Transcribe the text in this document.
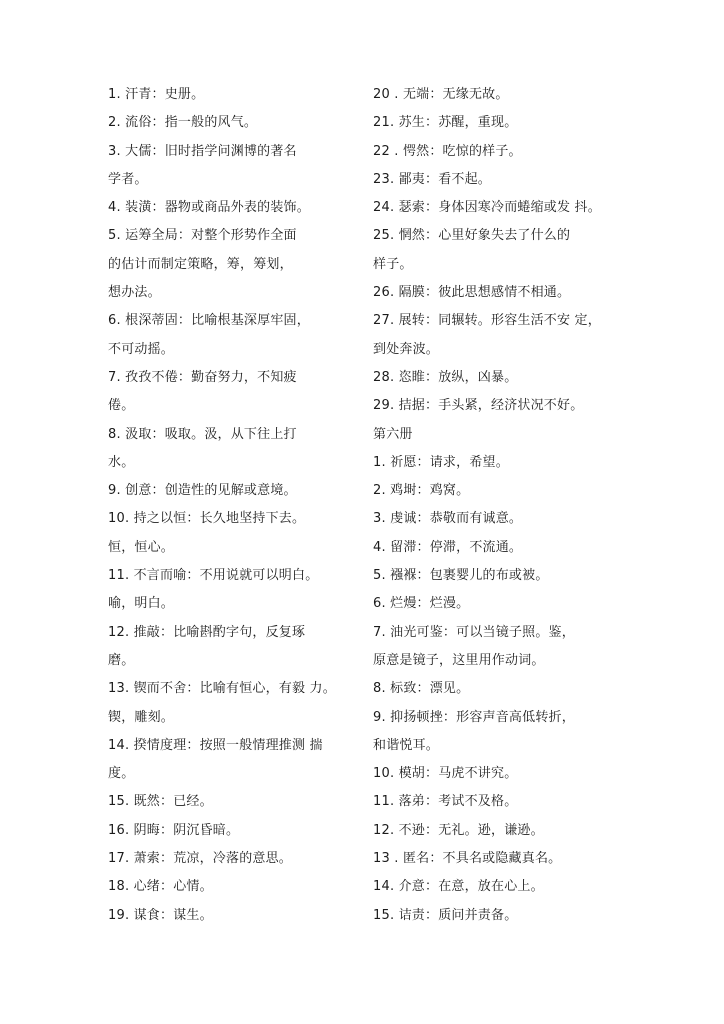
1. 汗青：史册。
2. 流俗：指一般的风气。
3. 大儒：旧时指学问渊博的著名
学者。
4. 装潢：器物或商品外表的装饰。
5. 运筹全局：对整个形势作全面
的估计而制定策略，筹，筹划，
想办法。
6. 根深蒂固：比喻根基深厚牢固，
不可动摇。
7. 孜孜不倦：勤奋努力，不知疲
倦。
8. 汲取：吸取。汲，从下往上打
水。
9. 创意：创造性的见解或意境。
10. 持之以恒：长久地坚持下去。
恒，恒心。
11. 不言而喻：不用说就可以明白。
喻，明白。
12. 推敲：比喻斟酌字句，反复琢
磨。
13. 锲而不舍：比喻有恒心，有毅 力。
锲，雕刻。
14. 揆情度理：按照一般情理推测 揣
度。
15. 既然：已经。
16. 阴晦：阴沉昏暗。
17. 萧索：荒凉，冷落的意思。
18. 心绪：心情。
19. 谋食：谋生。
20 . 无端：无缘无故。
21. 苏生：苏醒，重现。
22 . 愕然：吃惊的样子。
23. 鄙夷：看不起。
24. 瑟索：身体因寒冷而蜷缩或发 抖。
25. 惘然：心里好象失去了什么的
样子。
26. 隔膜：彼此思想感情不相通。
27. 展转：同辗转。形容生活不安 定，
到处奔波。
28. 恣睢：放纵，凶暴。
29. 拮据：手头紧，经济状况不好。
第六册
1. 祈愿：请求，希望。
2. 鸡埘：鸡窝。
3. 虔诚：恭敬而有诚意。
4. 留滞：停滞，不流通。
5. 襁褓：包裹婴儿的布或被。
6. 烂熳：烂漫。
7. 油光可鉴：可以当镜子照。鉴，
原意是镜子，这里用作动词。
8. 标致：漂见。
9. 抑扬顿挫：形容声音高低转折，
和谐悦耳。
10. 模胡：马虎不讲究。
11. 落弟：考试不及格。
12. 不逊：无礼。逊，谦逊。
13 . 匿名：不具名或隐藏真名。
14. 介意：在意，放在心上。
15. 诘责：质问并责备。
